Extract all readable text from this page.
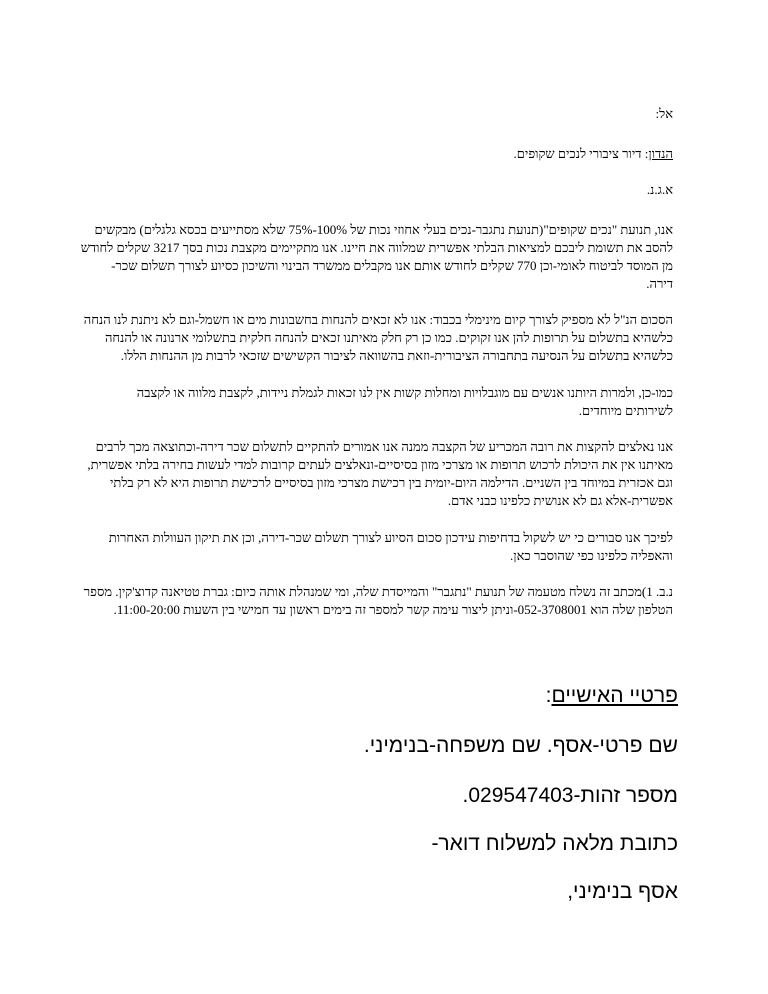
אל:
הנדון: דיור ציבורי לנכים שקופים.
א.ג.נ.

אנו, תנועת "נכים שקופים"(תנועת נתגבר-נכים בעלי אחוזי נכות של 100%-75% שלא מסתייעים בכסא גלגלים) מבקשים

להסב את תשומת ליבכם למציאות הבלתי אפשרית שמלווה את חיינו. אנו מתקיימים מקצבת נכות בסך 3217 שקלים לחודש

מן המוסד לביטוח לאומי-וכן 770 שקלים לחודש אותם אנו מקבלים ממשרד הבינוי והשיכון כסיוע לצורך תשלום שכר-

דירה.

הסכום הנ"ל לא מספיק לצורך קיום מינימלי בכבוד: אנו לא זכאים להנחות בחשבונות מים או חשמל-וגם לא ניתנת לנו הנחה

כלשהיא בתשלום על תרופות להן אנו זקוקים. כמו כן רק חלק מאיתנו זכאים להנחה חלקית בתשלומי ארנונה או להנחה

כלשהיא בתשלום על הנסיעה בתחבורה הציבורית-וזאת בהשוואה לציבור הקשישים שזכאי לרבות מן ההנחות הללו.

כמו-כן, ולמרות היותנו אנשים עם מוגבלויות ומחלות קשות אין לנו זכאות לגמלת ניידות, לקצבת מלווה או לקצבה

לשירותים מיוחדים.

אנו נאלצים להקצות את רובה המכריע של הקצבה ממנה אנו אמורים להתקיים לתשלום שכר דירה-וכתוצאה מכך לרבים

מאיתנו אין את היכולת לרכוש תרופות או מצרכי מזון בסיסיים-ונאלצים לעתים קרובות למדי לעשות בחירה בלתי אפשרית,

וגם אכזרית במיוחד בין השניים. הדילמה היום-יומית בין רכישת מצרכי מזון בסיסיים לרכישת תרופות היא לא רק בלתי

אפשרית-אלא גם לא אנושית כלפינו כבני אדם.

לפיכך אנו סבורים כי יש לשקול בדחיפות עידכון סכום הסיוע לצורך תשלום שכר-דירה, וכן את תיקון העוולות האחרות

והאפליה כלפינו כפי שהוסבר כאן.

נ.ב. 1)מכתב זה נשלח מטעמה של תנועת "נתגבר" והמייסדת שלה, ומי שמנהלת אותה כיום: גברת טטיאנה קדוצ'קין. מספר

הטלפון שלה הוא 052-3708001-וניתן ליצור עימה קשר למספר זה בימים ראשון עד חמישי בין השעות 11:00-20:00.

פרטיי האישיים:
שם פרטי-אסף. שם משפחה-בנימיני.
מספר זהות-029547403.
כתובת מלאה למשלוח דואר-
אסף בנימיני,
